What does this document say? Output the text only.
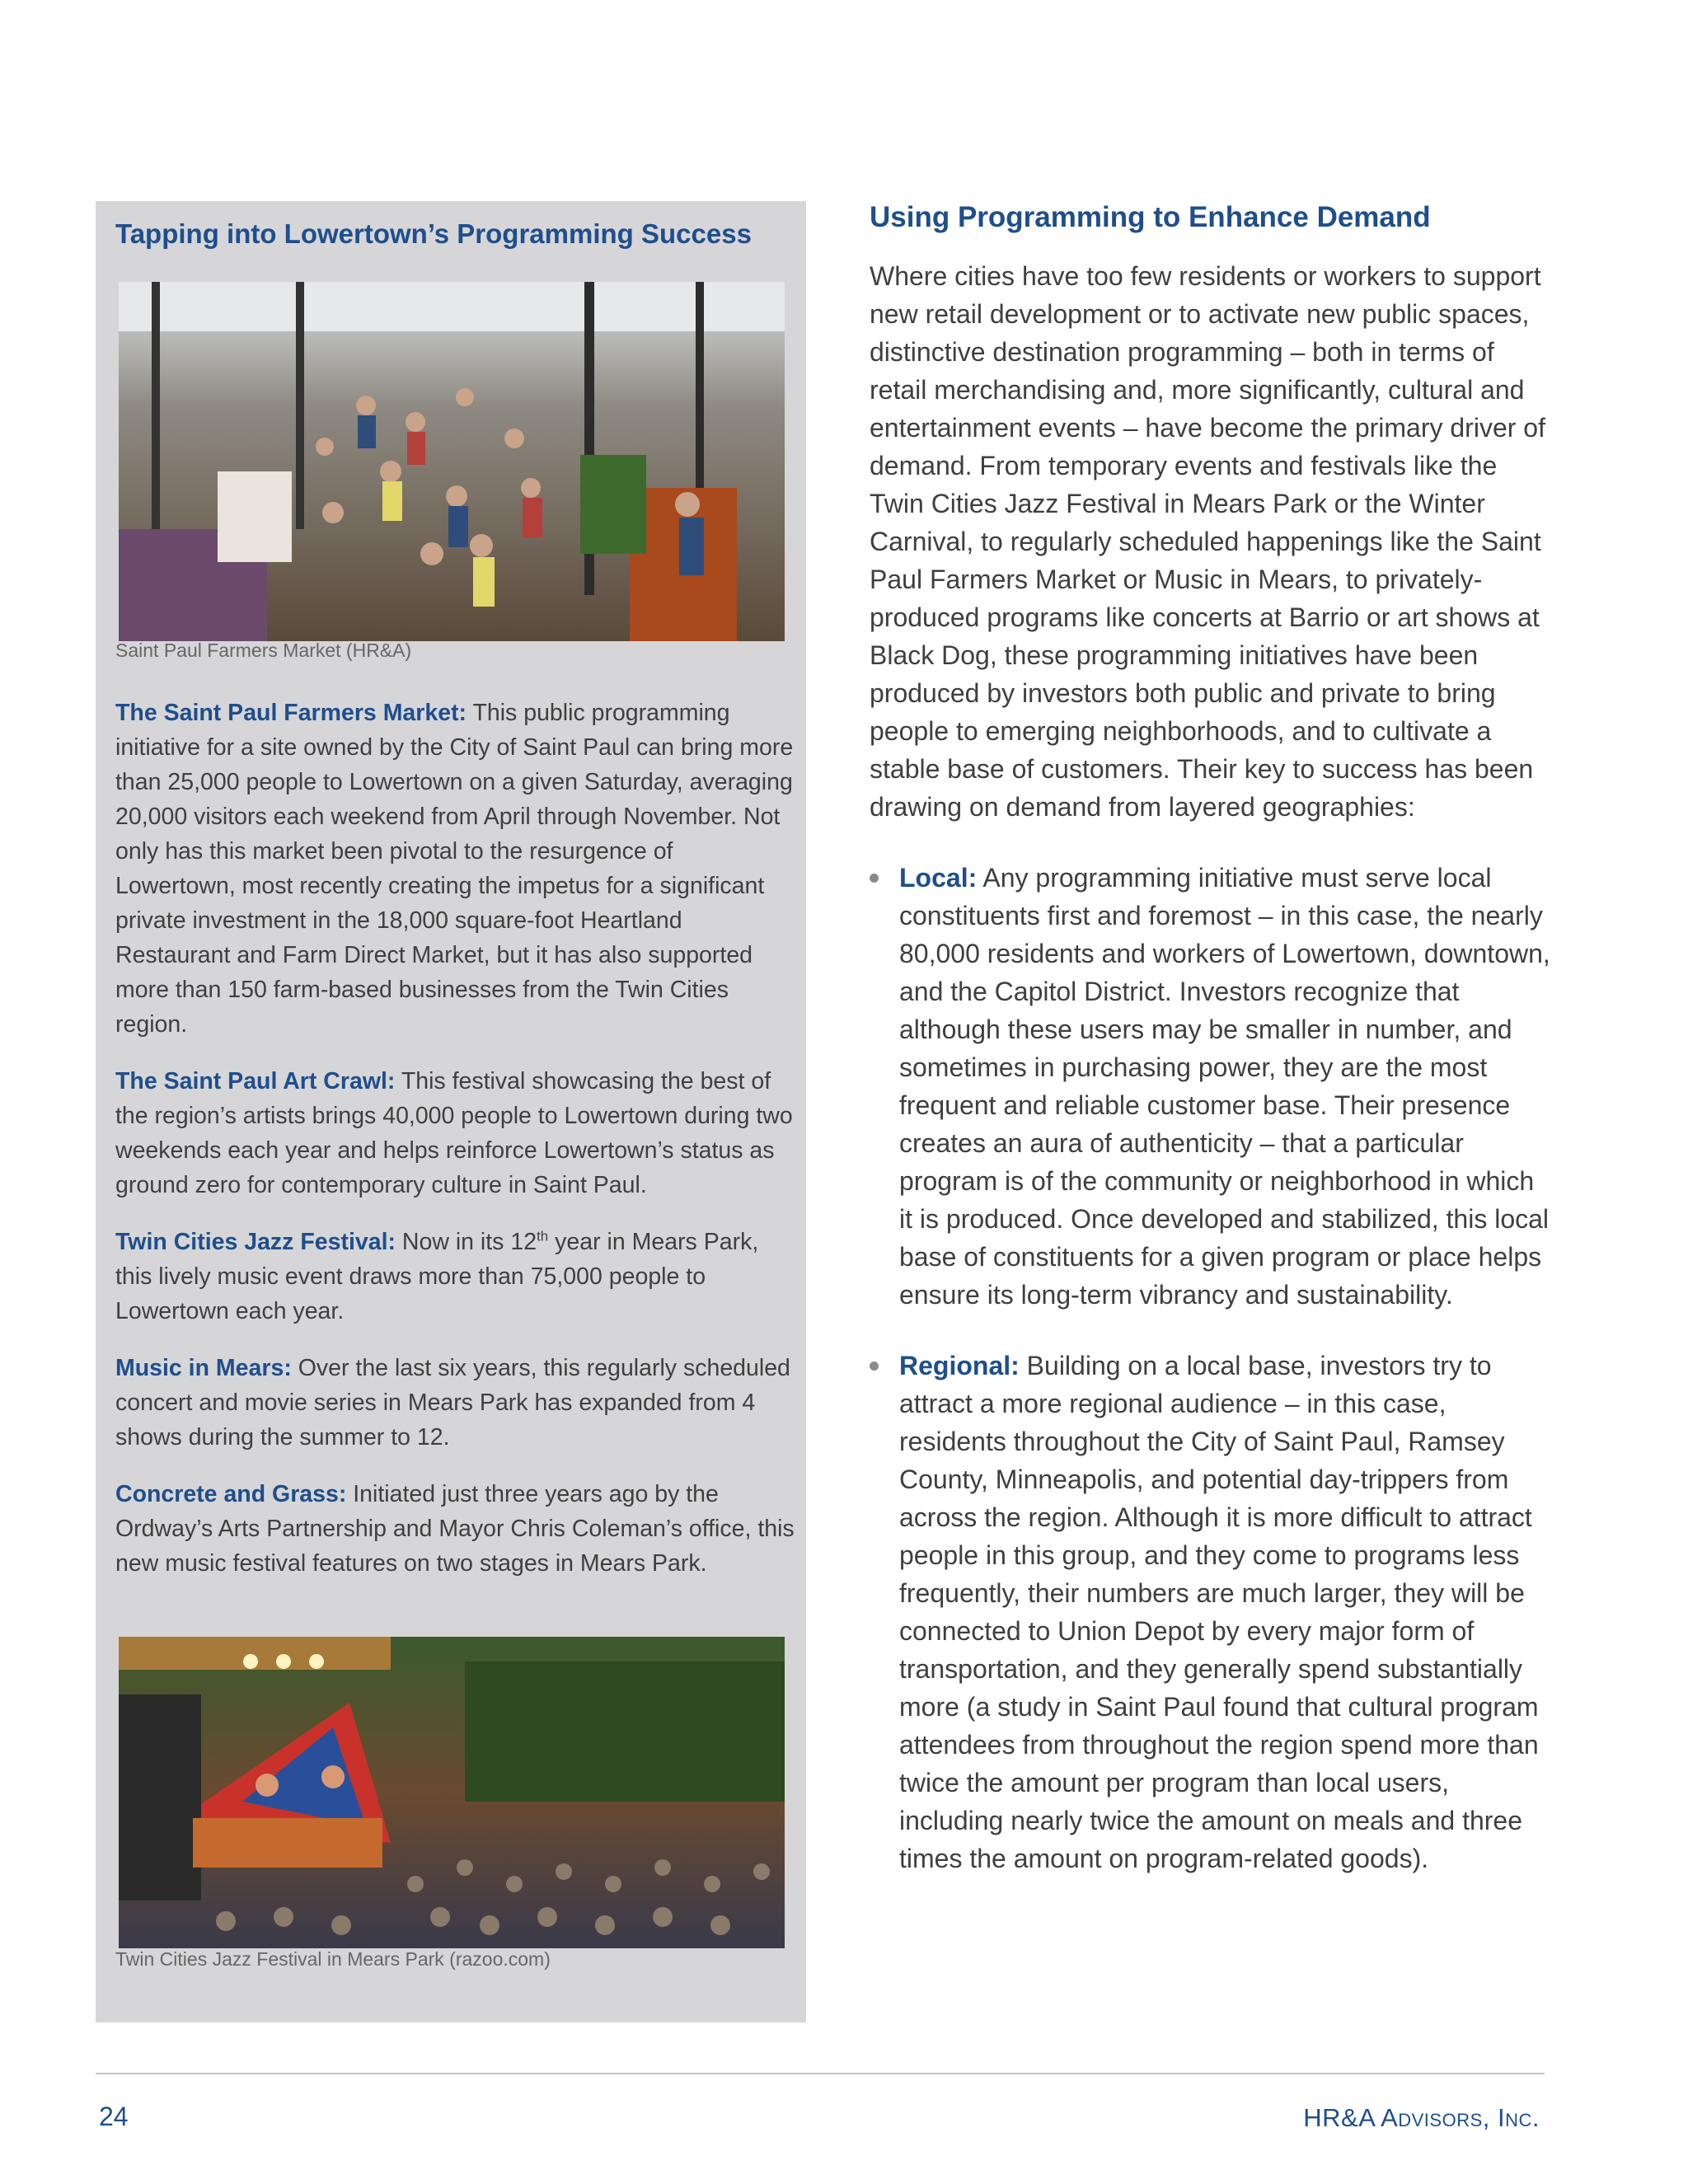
Tapping into Lowertown’s Programming Success
Saint Paul Farmers Market (HR&A)

The Saint Paul Farmers Market: This public programming initiative for a site owned by the City of Saint Paul can bring more than 25,000 people to Lowertown on a given Saturday, averaging 20,000 visitors each weekend from April through November. Not only has this market been pivotal to the resurgence of Lowertown, most recently creating the impetus for a significant private investment in the 18,000 square-foot Heartland Restaurant and Farm Direct Market, but it has also supported more than 150 farm-based businesses from the Twin Cities region.

The Saint Paul Art Crawl: This festival showcasing the best of the region’s artists brings 40,000 people to Lowertown during two weekends each year and helps reinforce Lowertown’s status as ground zero for contemporary culture in Saint Paul.

Twin Cities Jazz Festival: Now in its 12th year in Mears Park, this lively music event draws more than 75,000 people to Lowertown each year.

Music in Mears: Over the last six years, this regularly scheduled concert and movie series in Mears Park has expanded from 4 shows during the summer to 12.

Concrete and Grass: Initiated just three years ago by the Ordway’s Arts Partnership and Mayor Chris Coleman’s office, this new music festival features on two stages in Mears Park.

Twin Cities Jazz Festival in Mears Park (razoo.com)
Using Programming to Enhance Demand

Where cities have too few residents or workers to support new retail development or to activate new public spaces, distinctive destination programming – both in terms of retail merchandising and, more significantly, cultural and entertainment events – have become the primary driver of demand. From temporary events and festivals like the Twin Cities Jazz Festival in Mears Park or the Winter Carnival, to regularly scheduled happenings like the Saint Paul Farmers Market or Music in Mears, to privately-produced programs like concerts at Barrio or art shows at Black Dog, these programming initiatives have been produced by investors both public and private to bring people to emerging neighborhoods, and to cultivate a stable base of customers. Their key to success has been drawing on demand from layered geographies:

Local: Any programming initiative must serve local constituents first and foremost – in this case, the nearly 80,000 residents and workers of Lowertown, downtown, and the Capitol District. Investors recognize that although these users may be smaller in number, and sometimes in purchasing power, they are the most frequent and reliable customer base. Their presence creates an aura of authenticity – that a particular program is of the community or neighborhood in which it is produced. Once developed and stabilized, this local base of constituents for a given program or place helps ensure its long-term vibrancy and sustainability.
Regional: Building on a local base, investors try to attract a more regional audience – in this case, residents throughout the City of Saint Paul, Ramsey County, Minneapolis, and potential day-trippers from across the region. Although it is more difficult to attract people in this group, and they come to programs less frequently, their numbers are much larger, they will be connected to Union Depot by every major form of transportation, and they generally spend substantially more (a study in Saint Paul found that cultural program attendees from throughout the region spend more than twice the amount per program than local users, including nearly twice the amount on meals and three times the amount on program-related goods).
24	HR&A Advisors, Inc.
